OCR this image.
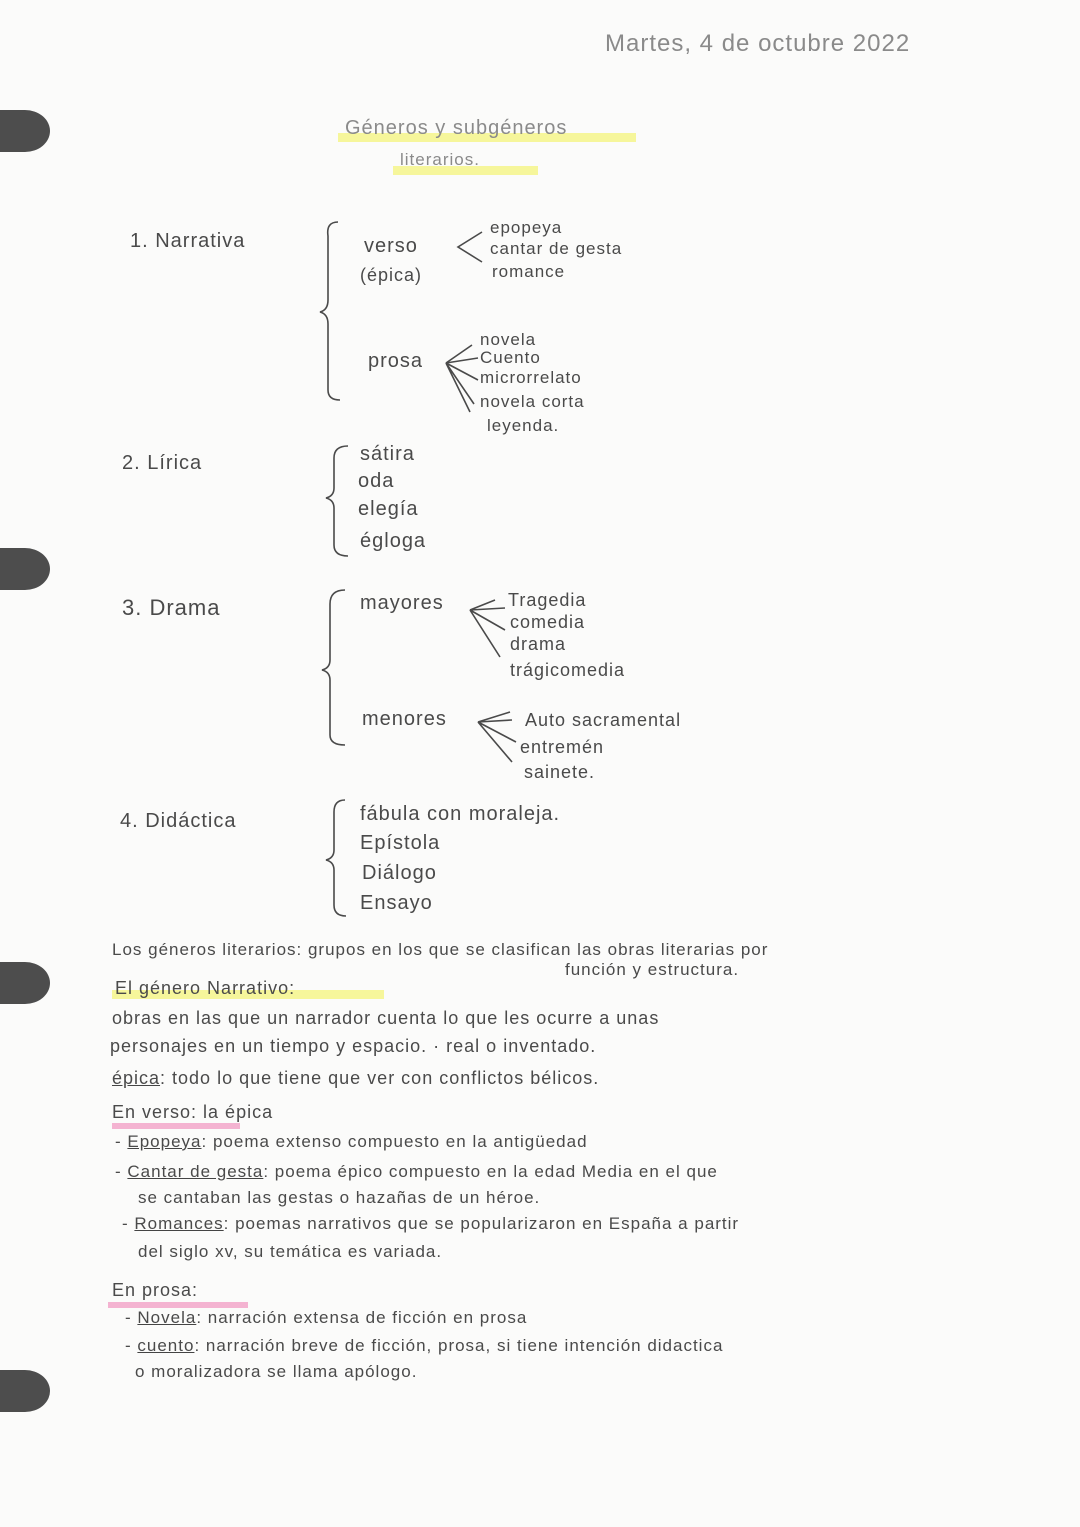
Martes, 4 de octubre 2022
Géneros y subgéneros
literarios.
1. Narrativa	verso
(épica)
epopeya
cantar de gesta
romance
prosa
novela
Cuento
microrrelato
novela corta
leyenda.
2. Lírica	sátira
oda
elegía
égloga
3. Drama	mayores	Tragedia
comedia
drama
trágicomedia
menores	Auto sacramental
entremén
sainete.
4. Didáctica	fábula con moraleja.
Epístola
Diálogo
Ensayo
Los géneros literarios: grupos en los que se clasifican las obras literarias por
función y estructura.
El género Narrativo:
obras en las que un narrador cuenta lo que les ocurre a unas
personajes en un tiempo y espacio. · real o inventado.
épica: todo lo que tiene que ver con conflictos bélicos.
En verso: la épica
- Epopeya: poema extenso compuesto en la antigüedad
- Cantar de gesta: poema épico compuesto en la edad Media en el que
se cantaban las gestas o hazañas de un héroe.
- Romances: poemas narrativos que se popularizaron en España a partir
del siglo xv, su temática es variada.
En prosa:
- Novela: narración extensa de ficción en prosa
- cuento: narración breve de ficción, prosa, si tiene intención didactica
o moralizadora se llama apólogo.
